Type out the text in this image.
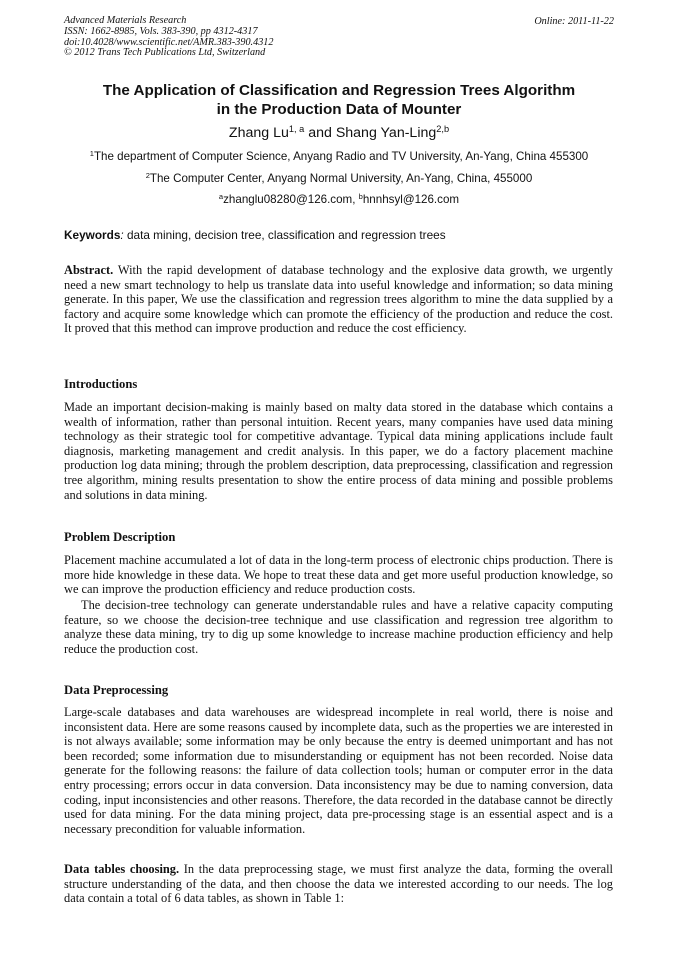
Advanced Materials Research
ISSN: 1662-8985, Vols. 383-390, pp 4312-4317
doi:10.4028/www.scientific.net/AMR.383-390.4312
© 2012 Trans Tech Publications Ltd, Switzerland
Online: 2011-11-22
The Application of Classification and Regression Trees Algorithm
in the Production Data of Mounter
Zhang Lu$^{1, a}$ and Shang Yan-Ling$^{2,b}$
$^1$The department of Computer Science, Anyang Radio and TV University, An-Yang, China 455300
$^2$The Computer Center, Anyang Normal University, An-Yang, China, 455000
$^a$zhanglu08280@126.com, $^b$hnnhsyl@126.com
Keywords: data mining, decision tree, classification and regression trees
Abstract. With the rapid development of database technology and the explosive data growth, we urgently need a new smart technology to help us translate data into useful knowledge and information; so data mining generate. In this paper, We use the classification and regression trees algorithm to mine the data supplied by a factory and acquire some knowledge which can promote the efficiency of the production and reduce the cost. It proved that this method can improve production and reduce the cost efficiency.
Introductions
Made an important decision-making is mainly based on malty data stored in the database which contains a wealth of information, rather than personal intuition. Recent years, many companies have used data mining technology as their strategic tool for competitive advantage. Typical data mining applications include fault diagnosis, marketing management and credit analysis. In this paper, we do a factory placement machine production log data mining; through the problem description, data preprocessing, classification and regression tree algorithm, mining results presentation to show the entire process of data mining and possible problems and solutions in data mining.
Problem Description
Placement machine accumulated a lot of data in the long-term process of electronic chips production. There is more hide knowledge in these data. We hope to treat these data and get more useful production knowledge, so we can improve the production efficiency and reduce production costs.
The decision-tree technology can generate understandable rules and have a relative capacity computing feature, so we choose the decision-tree technique and use classification and regression tree algorithm to analyze these data mining, try to dig up some knowledge to increase machine production efficiency and help reduce the production cost.
Data Preprocessing
Large-scale databases and data warehouses are widespread incomplete in real world, there is noise and inconsistent data. Here are some reasons caused by incomplete data, such as the properties we are interested in is not always available; some information may be only because the entry is deemed unimportant and has not been recorded; some information due to misunderstanding or equipment has not been recorded. Noise data generate for the following reasons: the failure of data collection tools; human or computer error in the data entry processing; errors occur in data conversion. Data inconsistency may be due to naming conversion, data coding, input inconsistencies and other reasons. Therefore, the data recorded in the database cannot be directly used for data mining. For the data mining project, data pre-processing stage is an essential aspect and is a necessary precondition for valuable information.
Data tables choosing. In the data preprocessing stage, we must first analyze the data, forming the overall structure understanding of the data, and then choose the data we interested according to our needs. The log data contain a total of 6 data tables, as shown in Table 1:
